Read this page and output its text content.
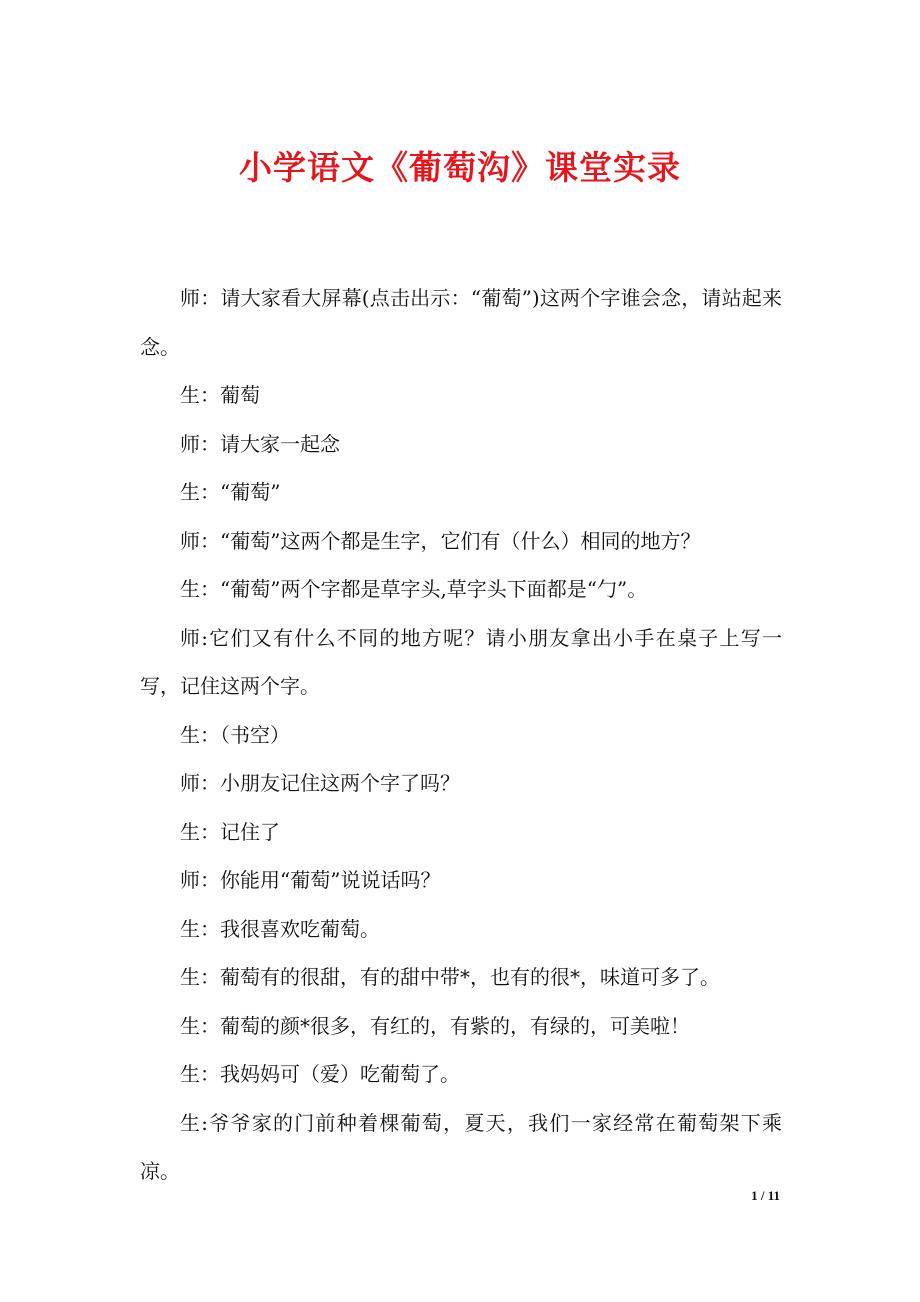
小学语文《葡萄沟》课堂实录

师：请大家看大屏幕(点击出示：“葡萄”)这两个字谁会念，请站起来念。

生：葡萄

师：请大家一起念

生：“葡萄”

师：“葡萄”这两个都是生字，它们有（什么）相同的地方？

生：“葡萄”两个字都是草字头,草字头下面都是“勹”。

师:它们又有什么不同的地方呢？请小朋友拿出小手在桌子上写一写，记住这两个字。

生：（书空）

师：小朋友记住这两个字了吗？

生：记住了

师：你能用“葡萄”说说话吗？

生：我很喜欢吃葡萄。

生：葡萄有的很甜，有的甜中带*，也有的很*，味道可多了。

生：葡萄的颜*很多，有红的，有紫的，有绿的，可美啦！

生：我妈妈可（爱）吃葡萄了。

生:爷爷家的门前种着棵葡萄，夏天，我们一家经常在葡萄架下乘凉。

1 / 11
